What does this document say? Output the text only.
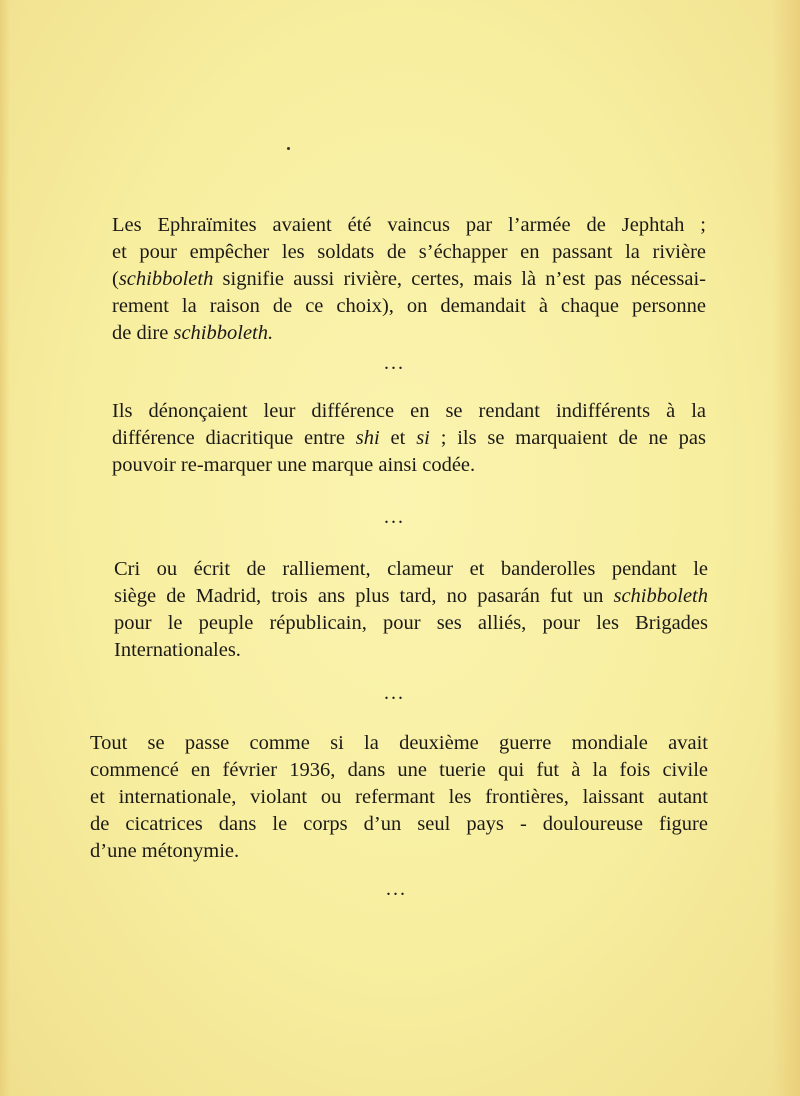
Les Ephraïmites avaient été vaincus par l’armée de Jephtah ;
et pour empêcher les soldats de s’échapper en passant la rivière
(schibboleth signifie aussi rivière, certes, mais là n’est pas nécessai-
rement la raison de ce choix), on demandait à chaque personne
de dire schibboleth.
...
Ils dénonçaient leur différence en se rendant indifférents à la
différence diacritique entre shi et si ; ils se marquaient de ne pas
pouvoir re-marquer une marque ainsi codée.
...
Cri ou écrit de ralliement, clameur et banderolles pendant le
siège de Madrid, trois ans plus tard, no pasarán fut un schibboleth
pour le peuple républicain, pour ses alliés, pour les Brigades
Internationales.
...
Tout se passe comme si la deuxième guerre mondiale avait
commencé en février 1936, dans une tuerie qui fut à la fois civile
et internationale, violant ou refermant les frontières, laissant autant
de cicatrices dans le corps d’un seul pays - douloureuse figure
d’une métonymie.
...
